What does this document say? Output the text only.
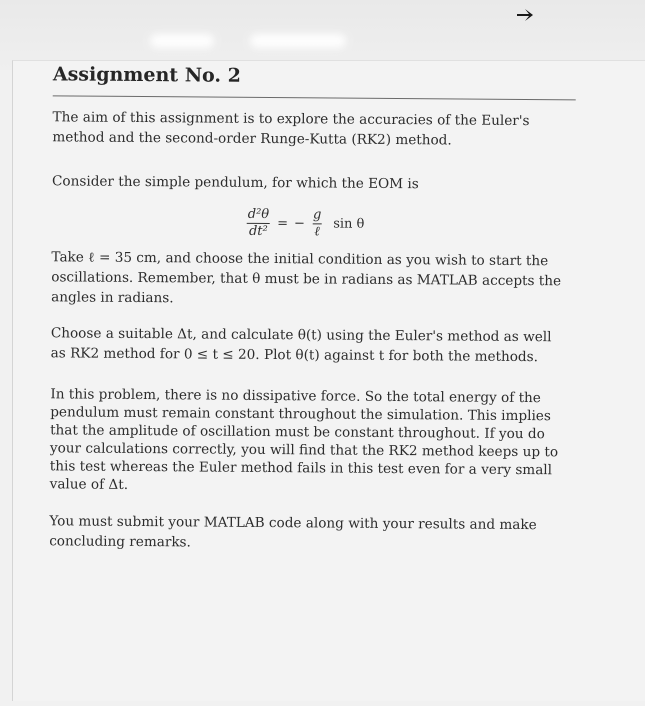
Assignment No. 2

The aim of this assignment is to explore the accuracies of the Euler's method and the second-order Runge-Kutta (RK2) method.

Consider the simple pendulum, for which the EOM is

$\frac{\text{d²θ}}{\text{dt²}}$ = − $\frac{g}{\text{ℓ}}$ sin θ

Take ℓ = 35 cm, and choose the initial condition as you wish to start the oscillations. Remember, that θ must be in radians as MATLAB accepts the angles in radians.

Choose a suitable Δt, and calculate θ(t) using the Euler's method as well as RK2 method for 0 ≤ t ≤ 20. Plot θ(t) against t for both the methods.

In this problem, there is no dissipative force. So the total energy of the pendulum must remain constant throughout the simulation. This implies that the amplitude of oscillation must be constant throughout. If you do your calculations correctly, you will find that the RK2 method keeps up to this test whereas the Euler method fails in this test even for a very small value of Δt.

You must submit your MATLAB code along with your results and make concluding remarks.
